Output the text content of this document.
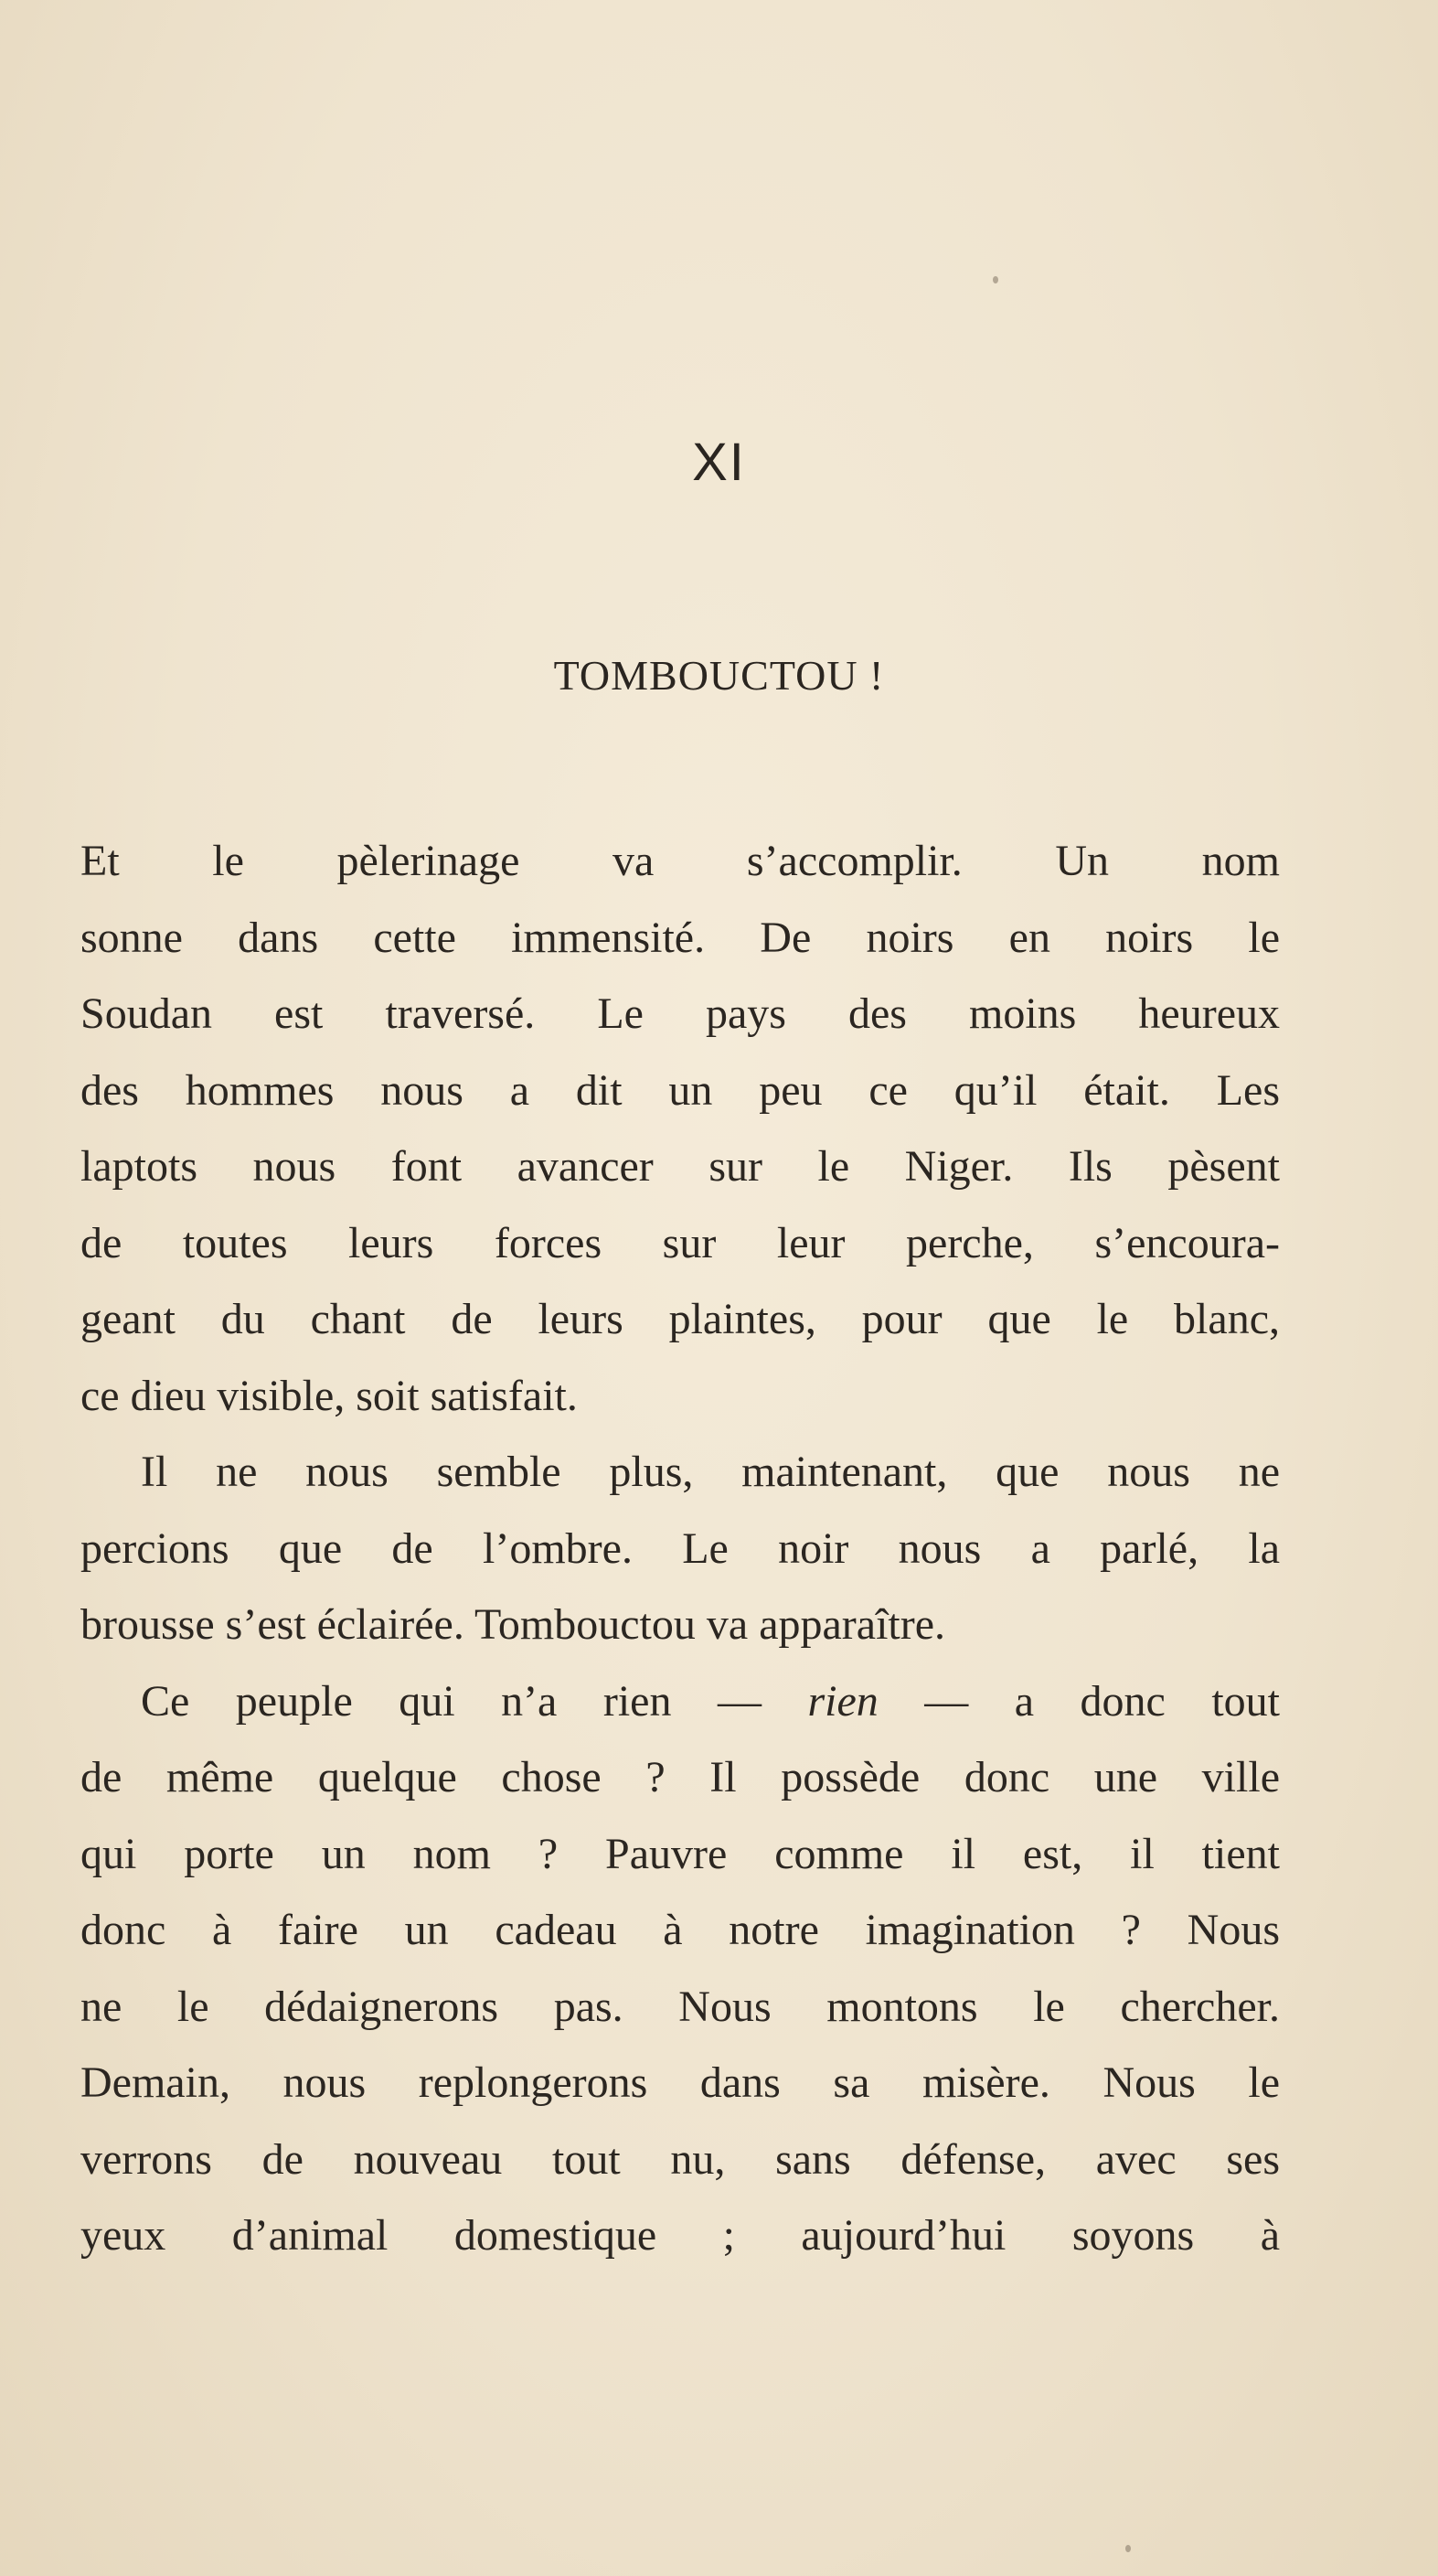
XI
TOMBOUCTOU !

Et le pèlerinage va s’accomplir. Un nom
sonne dans cette immensité. De noirs en noirs le
Soudan est traversé. Le pays des moins heureux
des hommes nous a dit un peu ce qu’il était. Les
laptots nous font avancer sur le Niger. Ils pèsent
de toutes leurs forces sur leur perche, s’encoura-
geant du chant de leurs plaintes, pour que le blanc,
ce dieu visible, soit satisfait.

Il ne nous semble plus, maintenant, que nous ne
percions que de l’ombre. Le noir nous a parlé, la
brousse s’est éclairée. Tombouctou va apparaître.

Ce peuple qui n’a rien — rien — a donc tout
de même quelque chose ? Il possède donc une ville
qui porte un nom ? Pauvre comme il est, il tient
donc à faire un cadeau à notre imagination ? Nous
ne le dédaignerons pas. Nous montons le chercher.
Demain, nous replongerons dans sa misère. Nous le
verrons de nouveau tout nu, sans défense, avec ses
yeux d’animal domestique ; aujourd’hui soyons à
